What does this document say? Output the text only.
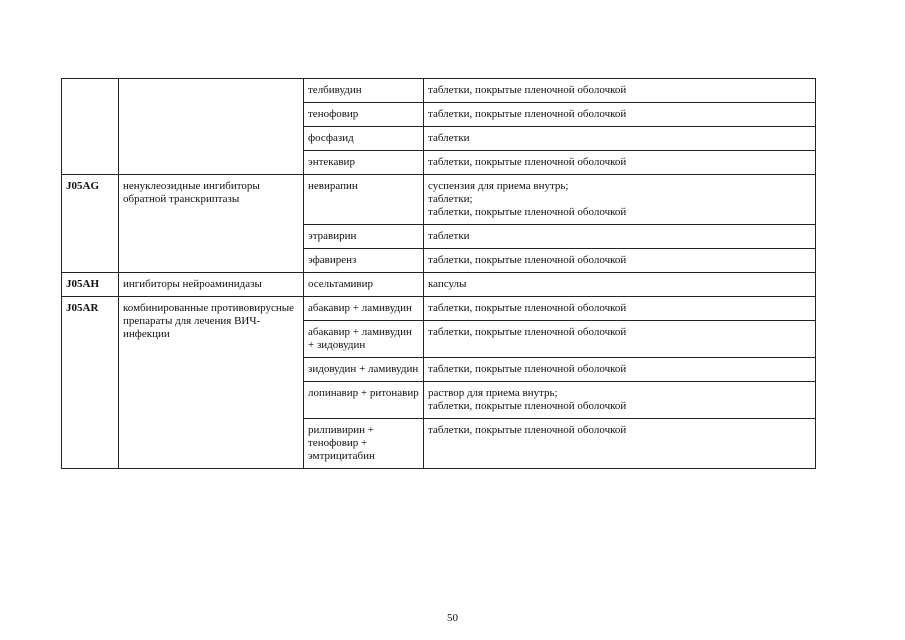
		телбивудин	таблетки, покрытые пленочной оболочкой

		тенофовир	таблетки, покрытые пленочной оболочкой

		фосфазид	таблетки

		энтекавир	таблетки, покрытые пленочной оболочкой

J05AG	ненуклеозидные ингибиторы обратной транскриптазы	невирапин	суспензия для приема внутрь;
таблетки;
таблетки, покрытые пленочной оболочкой

		этравирин	таблетки

		эфавиренз	таблетки, покрытые пленочной оболочкой

J05AH	ингибиторы нейроаминидазы	осельтамивир	капсулы

J05AR	комбинированные противовирусные препараты для лечения ВИЧ-инфекции	абакавир + ламивудин	таблетки, покрытые пленочной оболочкой

		абакавир + ламивудин + зидовудин	таблетки, покрытые пленочной оболочкой

		зидовудин + ламивудин	таблетки, покрытые пленочной оболочкой

		лопинавир + ритонавир	раствор для приема внутрь;
таблетки, покрытые пленочной оболочкой

		рилпивирин + тенофовир + эмтрицитабин	таблетки, покрытые пленочной оболочкой
50
